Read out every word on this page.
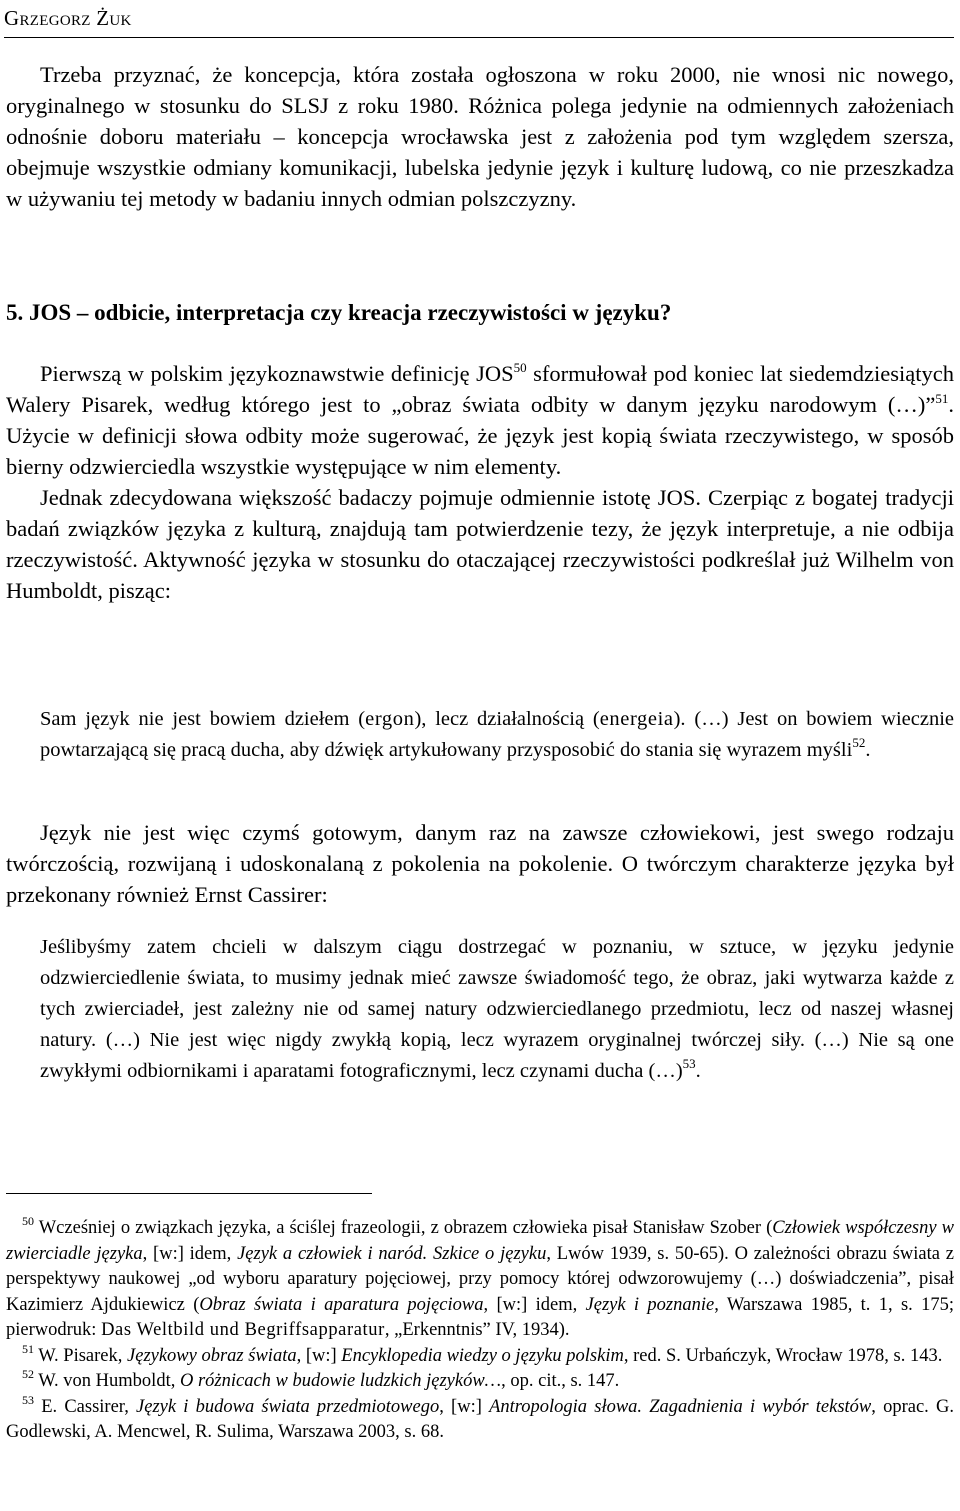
Grzegorz Żuk

Trzeba przyznać, że koncepcja, która została ogłoszona w roku 2000, nie wnosi nic nowego, oryginalnego w stosunku do SLSJ z roku 1980. Różnica polega jedynie na odmiennych założeniach odnośnie doboru materiału – koncepcja wrocławska jest z założenia pod tym względem szersza, obejmuje wszystkie odmiany komunikacji, lubelska jedynie język i kulturę ludową, co nie przeszkadza w używaniu tej metody w badaniu innych odmian polszczyzny.

5. JOS – odbicie, interpretacja czy kreacja rzeczywistości w języku?

Pierwszą w polskim językoznawstwie definicję JOS$^{50}$ sformułował pod koniec lat siedemdziesiątych Walery Pisarek, według którego jest to „obraz świata odbity w danym języku narodowym (…)”$^{51}$. Użycie w definicji słowa odbity może sugerować, że język jest kopią świata rzeczywistego, w sposób bierny odzwierciedla wszystkie występujące w nim elementy.

Jednak zdecydowana większość badaczy pojmuje odmiennie istotę JOS. Czerpiąc z bogatej tradycji badań związków języka z kulturą, znajdują tam potwierdzenie tezy, że język interpretuje, a nie odbija rzeczywistość. Aktywność języka w stosunku do otaczającej rzeczywistości podkreślał już Wilhelm von Humboldt, pisząc:

Sam język nie jest bowiem dziełem (ergon), lecz działalnością (energeia). (…) Jest on bowiem wiecznie powtarzającą się pracą ducha, aby dźwięk artykułowany przysposobić do stania się wyrazem myśli$^{52}$.

Język nie jest więc czymś gotowym, danym raz na zawsze człowiekowi, jest swego rodzaju twórczością, rozwijaną i udoskonalaną z pokolenia na pokolenie. O twórczym charakterze języka był przekonany również Ernst Cassirer:

Jeślibyśmy zatem chcieli w dalszym ciągu dostrzegać w poznaniu, w sztuce, w języku jedynie odzwierciedlenie świata, to musimy jednak mieć zawsze świadomość tego, że obraz, jaki wytwarza każde z tych zwierciadeł, jest zależny nie od samej natury odzwierciedlanego przedmiotu, lecz od naszej własnej natury. (…) Nie jest więc nigdy zwykłą kopią, lecz wyrazem oryginalnej twórczej siły. (…) Nie są one zwykłymi odbiornikami i aparatami fotograficznymi, lecz czynami ducha (…)$^{53}$.

$^{50}$ Wcześniej o związkach języka, a ściślej frazeologii, z obrazem człowieka pisał Stanisław Szober (Człowiek współczesny w zwierciadle języka, [w:] idem, Język a człowiek i naród. Szkice o języku, Lwów 1939, s. 50-65). O zależności obrazu świata z perspektywy naukowej „od wyboru aparatury pojęciowej, przy pomocy której odwzorowujemy (…) doświadczenia”, pisał Kazimierz Ajdukiewicz (Obraz świata i aparatura pojęciowa, [w:] idem, Język i poznanie, Warszawa 1985, t. 1, s. 175; pierwodruk: Das Weltbild und Begriffsapparatur, „Erkenntnis” IV, 1934).

$^{51}$ W. Pisarek, Językowy obraz świata, [w:] Encyklopedia wiedzy o języku polskim, red. S. Urbańczyk, Wrocław 1978, s. 143.

$^{52}$ W. von Humboldt, O różnicach w budowie ludzkich języków…, op. cit., s. 147.

$^{53}$ E. Cassirer, Język i budowa świata przedmiotowego, [w:] Antropologia słowa. Zagadnienia i wybór tekstów, oprac. G. Godlewski, A. Mencwel, R. Sulima, Warszawa 2003, s. 68.
